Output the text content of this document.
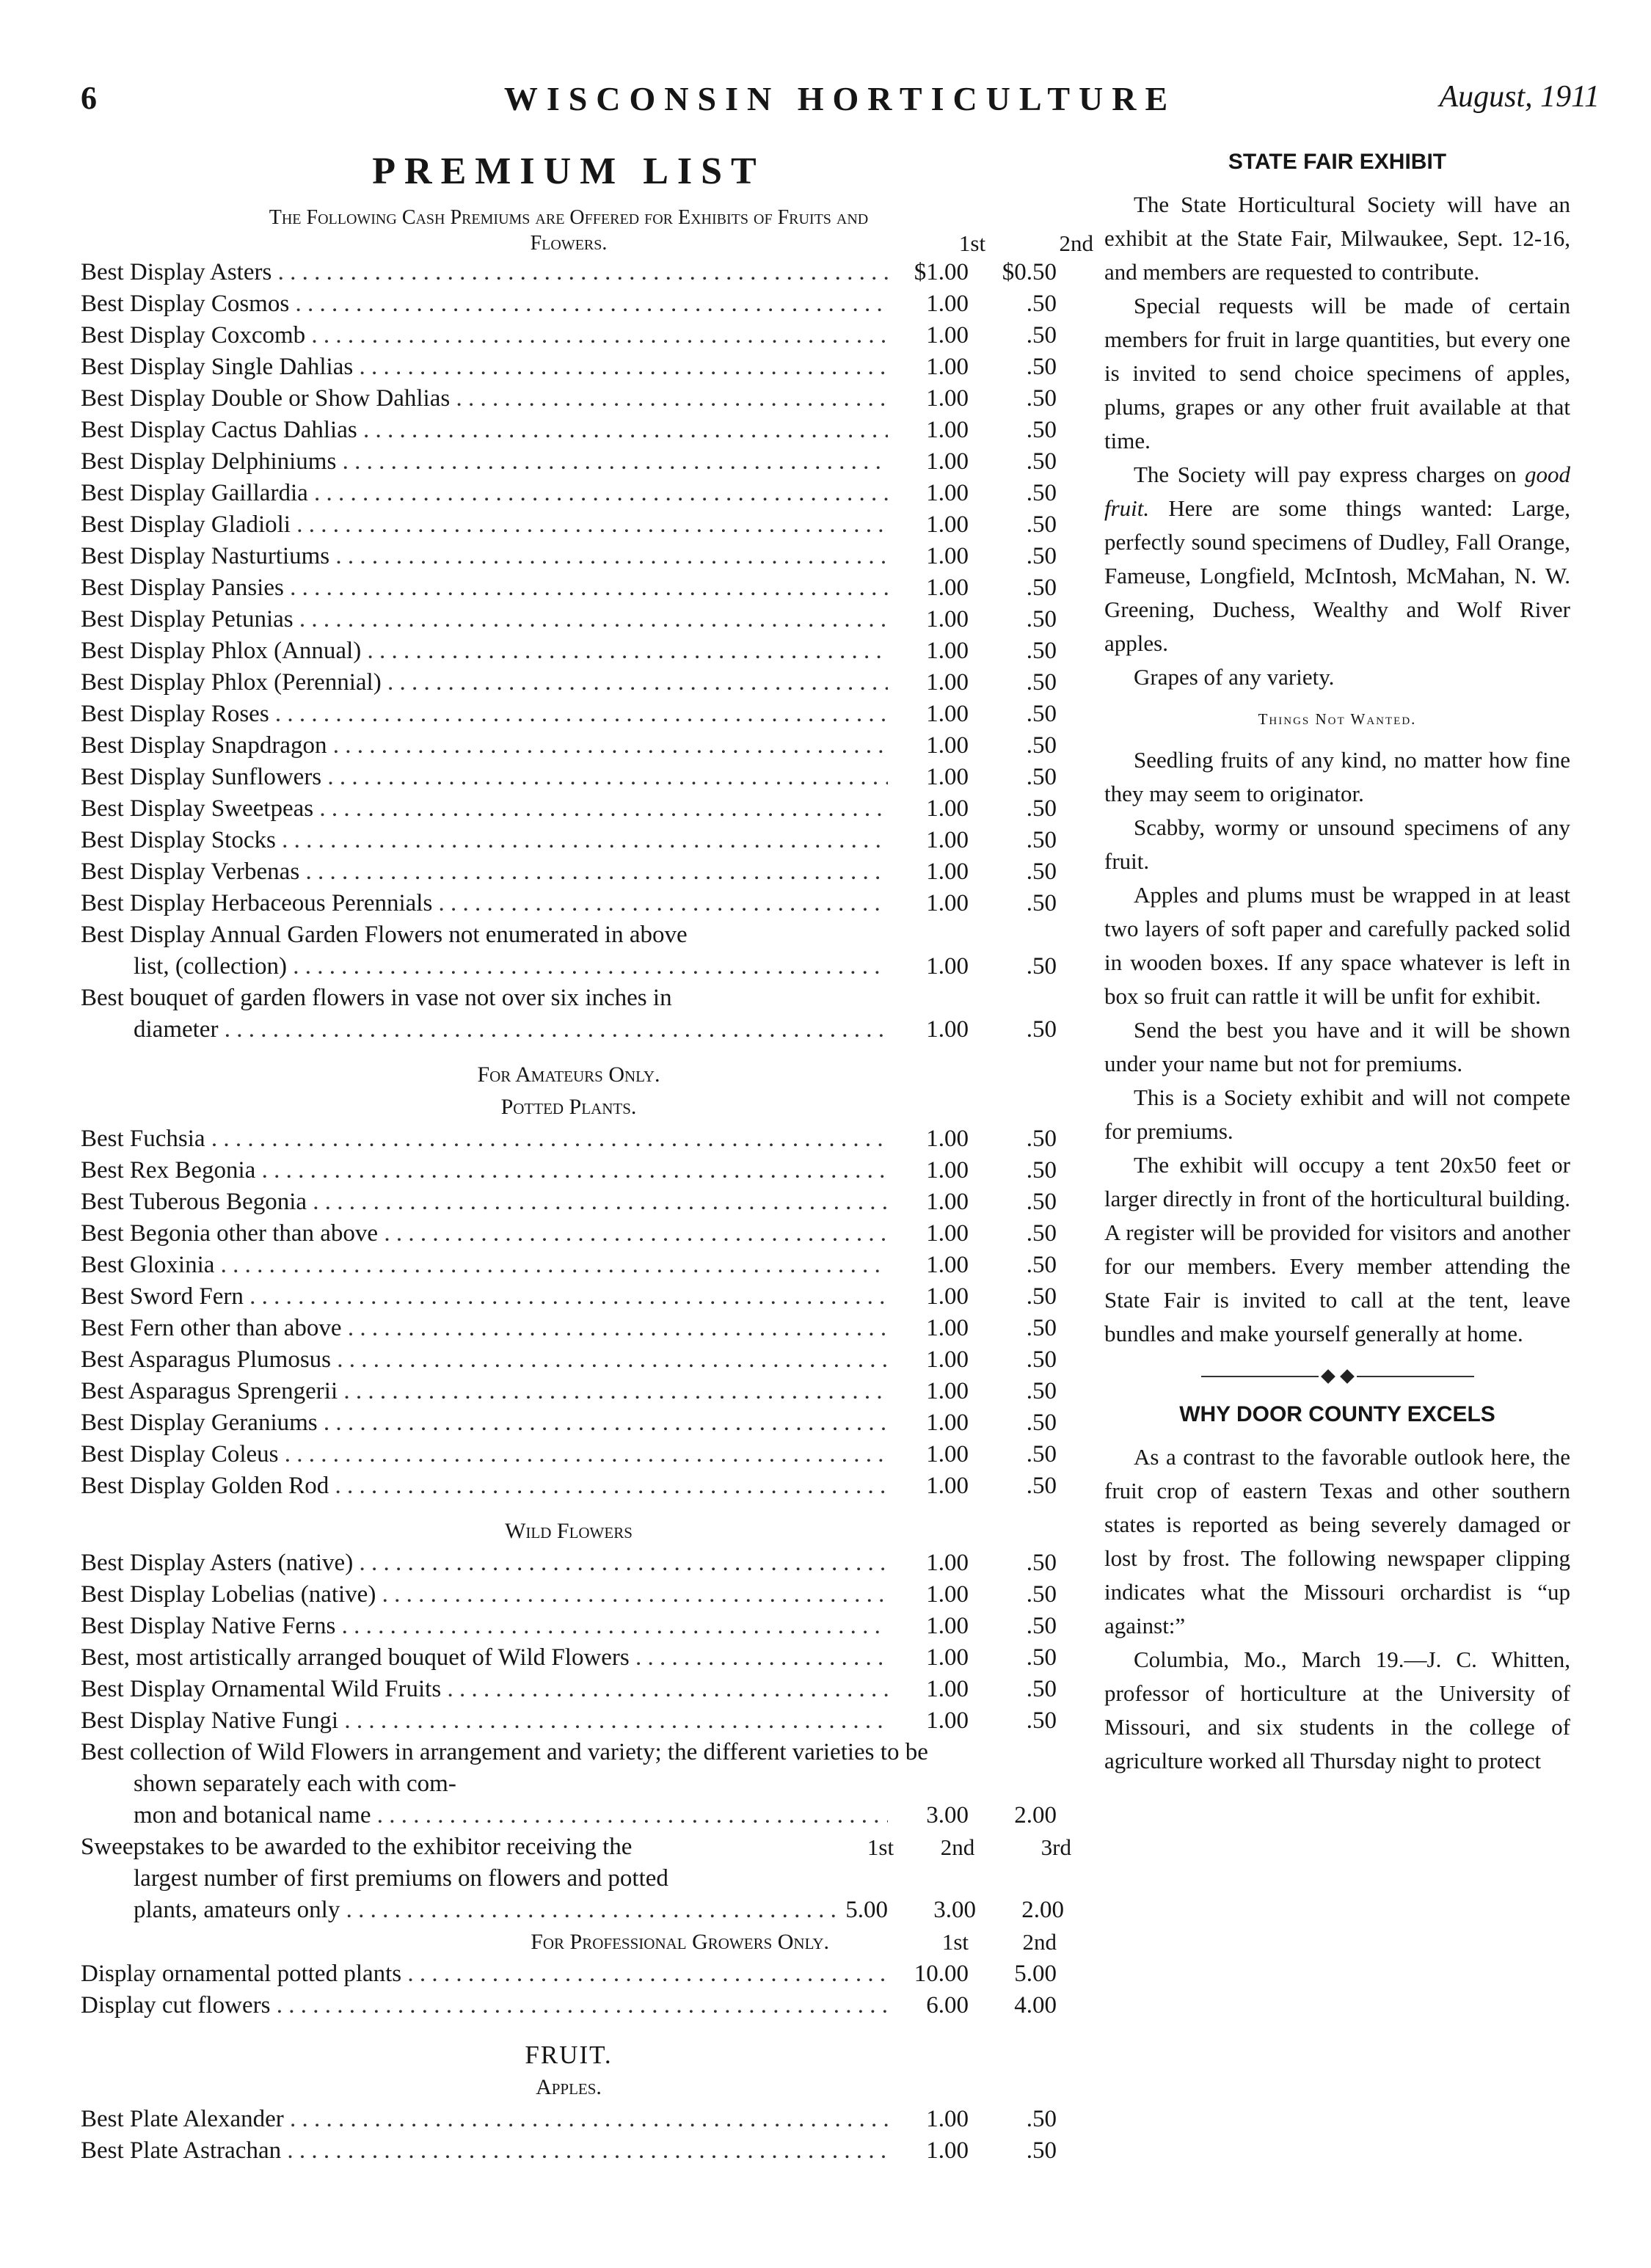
6	WISCONSIN HORTICULTURE	August, 1911
PREMIUM LIST
The Following Cash Premiums are Offered for Exhibits of Fruits and
Flowers.	1st	2nd
Best Display Asters . . .	$1.00	$0.50
Best Display Cosmos . . .	1.00	.50
Best Display Coxcomb . . .	1.00	.50
Best Display Single Dahlias . . .	1.00	.50
Best Display Double or Show Dahlias . . .	1.00	.50
Best Display Cactus Dahlias . . .	1.00	.50
Best Display Delphiniums . . .	1.00	.50
Best Display Gaillardia . . .	1.00	.50
Best Display Gladioli . . .	1.00	.50
Best Display Nasturtiums . . .	1.00	.50
Best Display Pansies . . .	1.00	.50
Best Display Petunias . . .	1.00	.50
Best Display Phlox (Annual) . . .	1.00	.50
Best Display Phlox (Perennial) . . .	1.00	.50
Best Display Roses . . .	1.00	.50
Best Display Snapdragon . . .	1.00	.50
Best Display Sunflowers . . .	1.00	.50
Best Display Sweetpeas . . .	1.00	.50
Best Display Stocks . . .	1.00	.50
Best Display Verbenas . . .	1.00	.50
Best Display Herbaceous Perennials . . .	1.00	.50
Best Display Annual Garden Flowers not enumerated in above
list, (collection) . . .	1.00	.50
Best bouquet of garden flowers in vase not over six inches in
diameter . . .	1.00	.50
For Amateurs Only.
Potted Plants.
Best Fuchsia . . .	1.00	.50
Best Rex Begonia . . .	1.00	.50
Best Tuberous Begonia . . .	1.00	.50
Best Begonia other than above . . .	1.00	.50
Best Gloxinia . . .	1.00	.50
Best Sword Fern . . .	1.00	.50
Best Fern other than above . . .	1.00	.50
Best Asparagus Plumosus . . .	1.00	.50
Best Asparagus Sprengerii . . .	1.00	.50
Best Display Geraniums . . .	1.00	.50
Best Display Coleus . . .	1.00	.50
Best Display Golden Rod . . .	1.00	.50
Wild Flowers
Best Display Asters (native) . . .	1.00	.50
Best Display Lobelias (native) . . .	1.00	.50
Best Display Native Ferns . . .	1.00	.50
Best, most artistically arranged bouquet of Wild Flowers . . .	1.00	.50
Best Display Ornamental Wild Fruits . . .	1.00	.50
Best Display Native Fungi . . .	1.00	.50
Best collection of Wild Flowers in arrangement and variety; the different varieties to be shown separately each with com-
mon and botanical name . . .	3.00	2.00
Sweepstakes to be awarded to the exhibitor receiving the	1st	2nd	3rd
largest number of first premiums on flowers and potted
plants, amateurs only . . .	5.00	3.00	2.00
For Professional Growers Only.	1st	2nd
Display ornamental potted plants . . .	10.00	5.00
Display cut flowers . . .	6.00	4.00
FRUIT.
Apples.
Best Plate Alexander . . .	1.00	.50
Best Plate Astrachan . . .	1.00	.50
STATE FAIR EXHIBIT

The State Horticultural Society will have an exhibit at the State Fair, Milwaukee, Sept. 12-16, and members are requested to contribute.

Special requests will be made of certain members for fruit in large quantities, but every one is invited to send choice specimens of apples, plums, grapes or any other fruit available at that time.

The Society will pay express charges on good fruit. Here are some things wanted: Large, perfectly sound specimens of Dudley, Fall Orange, Fameuse, Longfield, McIntosh, McMahan, N. W. Greening, Duchess, Wealthy and Wolf River apples.

Grapes of any variety.

Things Not Wanted.

Seedling fruits of any kind, no matter how fine they may seem to originator.

Scabby, wormy or unsound specimens of any fruit.

Apples and plums must be wrapped in at least two layers of soft paper and carefully packed solid in wooden boxes. If any space whatever is left in box so fruit can rattle it will be unfit for exhibit.

Send the best you have and it will be shown under your name but not for premiums.

This is a Society exhibit and will not compete for premiums.

The exhibit will occupy a tent 20x50 feet or larger directly in front of the horticultural building. A register will be provided for visitors and another for our members. Every member attending the State Fair is invited to call at the tent, leave bundles and make yourself generally at home.

WHY DOOR COUNTY EXCELS

As a contrast to the favorable outlook here, the fruit crop of eastern Texas and other southern states is reported as being severely damaged or lost by frost. The following newspaper clipping indicates what the Missouri orchardist is “up against:”

Columbia, Mo., March 19.—J. C. Whitten, professor of horticulture at the University of Missouri, and six students in the college of agriculture worked all Thursday night to protect
